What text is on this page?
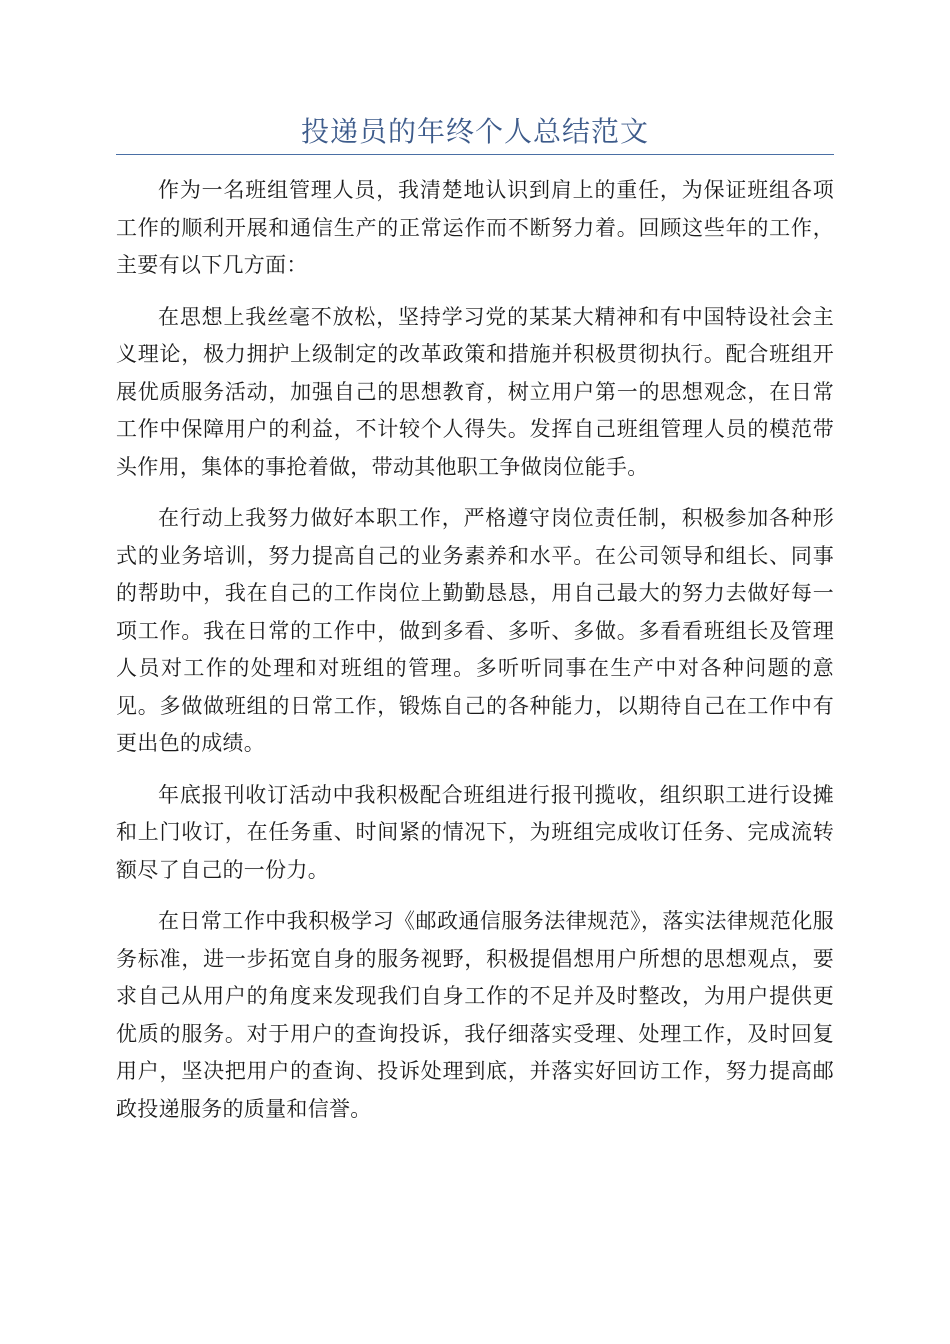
投递员的年终个人总结范文

作为一名班组管理人员，我清楚地认识到肩上的重任，为保证班组各项工作的顺利开展和通信生产的正常运作而不断努力着。回顾这些年的工作，主要有以下几方面：

在思想上我丝毫不放松，坚持学习党的某某大精神和有中国特设社会主义理论，极力拥护上级制定的改革政策和措施并积极贯彻执行。配合班组开展优质服务活动，加强自己的思想教育，树立用户第一的思想观念，在日常工作中保障用户的利益，不计较个人得失。发挥自己班组管理人员的模范带头作用，集体的事抢着做，带动其他职工争做岗位能手。

在行动上我努力做好本职工作，严格遵守岗位责任制，积极参加各种形式的业务培训，努力提高自己的业务素养和水平。在公司领导和组长、同事的帮助中，我在自己的工作岗位上勤勤恳恳，用自己最大的努力去做好每一项工作。我在日常的工作中，做到多看、多听、多做。多看看班组长及管理人员对工作的处理和对班组的管理。多听听同事在生产中对各种问题的意见。多做做班组的日常工作，锻炼自己的各种能力，以期待自己在工作中有更出色的成绩。

年底报刊收订活动中我积极配合班组进行报刊揽收，组织职工进行设摊和上门收订，在任务重、时间紧的情况下，为班组完成收订任务、完成流转额尽了自己的一份力。

在日常工作中我积极学习《邮政通信服务法律规范》，落实法律规范化服务标准，进一步拓宽自身的服务视野，积极提倡想用户所想的思想观点，要求自己从用户的角度来发现我们自身工作的不足并及时整改，为用户提供更优质的服务。对于用户的查询投诉，我仔细落实受理、处理工作，及时回复用户，坚决把用户的查询、投诉处理到底，并落实好回访工作，努力提高邮政投递服务的质量和信誉。
